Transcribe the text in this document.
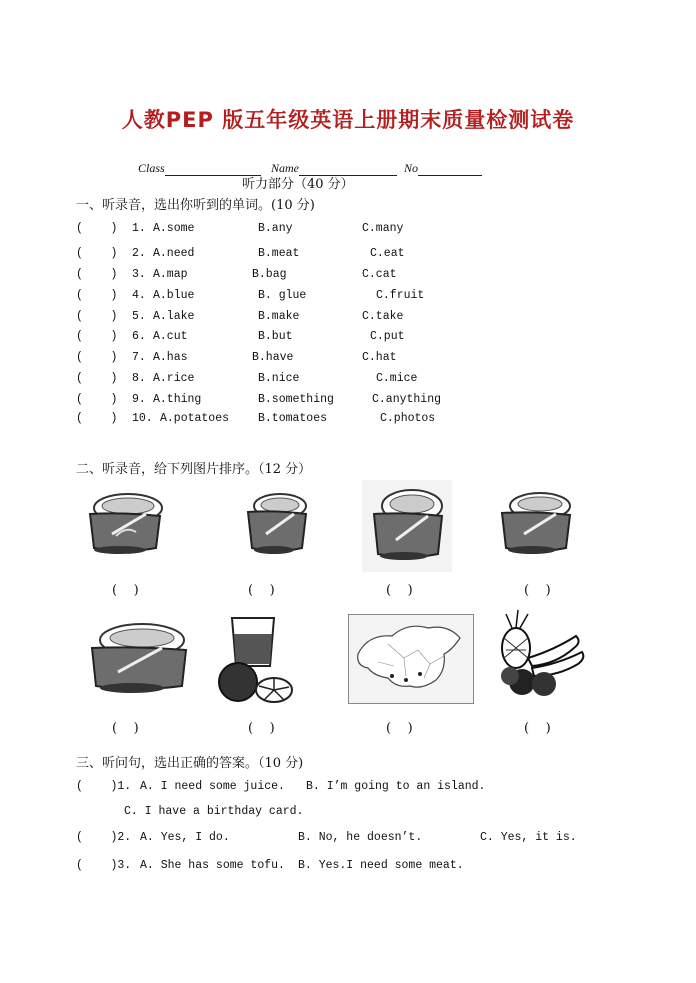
人教PEP 版五年级英语上册期末质量检测试卷

Class	Name	No

听力部分（40 分）
一、听录音，选出你听到的单词。(10 分)
(    ) 1. A.some	B.any	C.many
(    ) 2. A.need	B.meat	C.eat
(    ) 3. A.map	B.bag	C.cat
(    ) 4. A.blue	B. glue	C.fruit
(    ) 5. A.lake	B.make	C.take
(    ) 6. A.cut	B.but	C.put
(    ) 7. A.has	B.have	C.hat
(    ) 8. A.rice	B.nice	C.mice
(    ) 9. A.thing	B.something	C.anything
(    ) 10. A.potatoes	B.tomatoes	C.photos
二、听录音，给下列图片排序。（12 分）
(    )	(    )	(    )	(    )
(    )	(    )	(    )	(    )
三、听问句，选出正确的答案。（10 分)
(    )1. A. I need some juice. B. I’m going to an island.
C. I have a birthday card.
(    )2. A. Yes, I do.	B. No, he doesn’t.	C. Yes, it is.
(    )3. A. She has some tofu. B. Yes.I need some meat.
